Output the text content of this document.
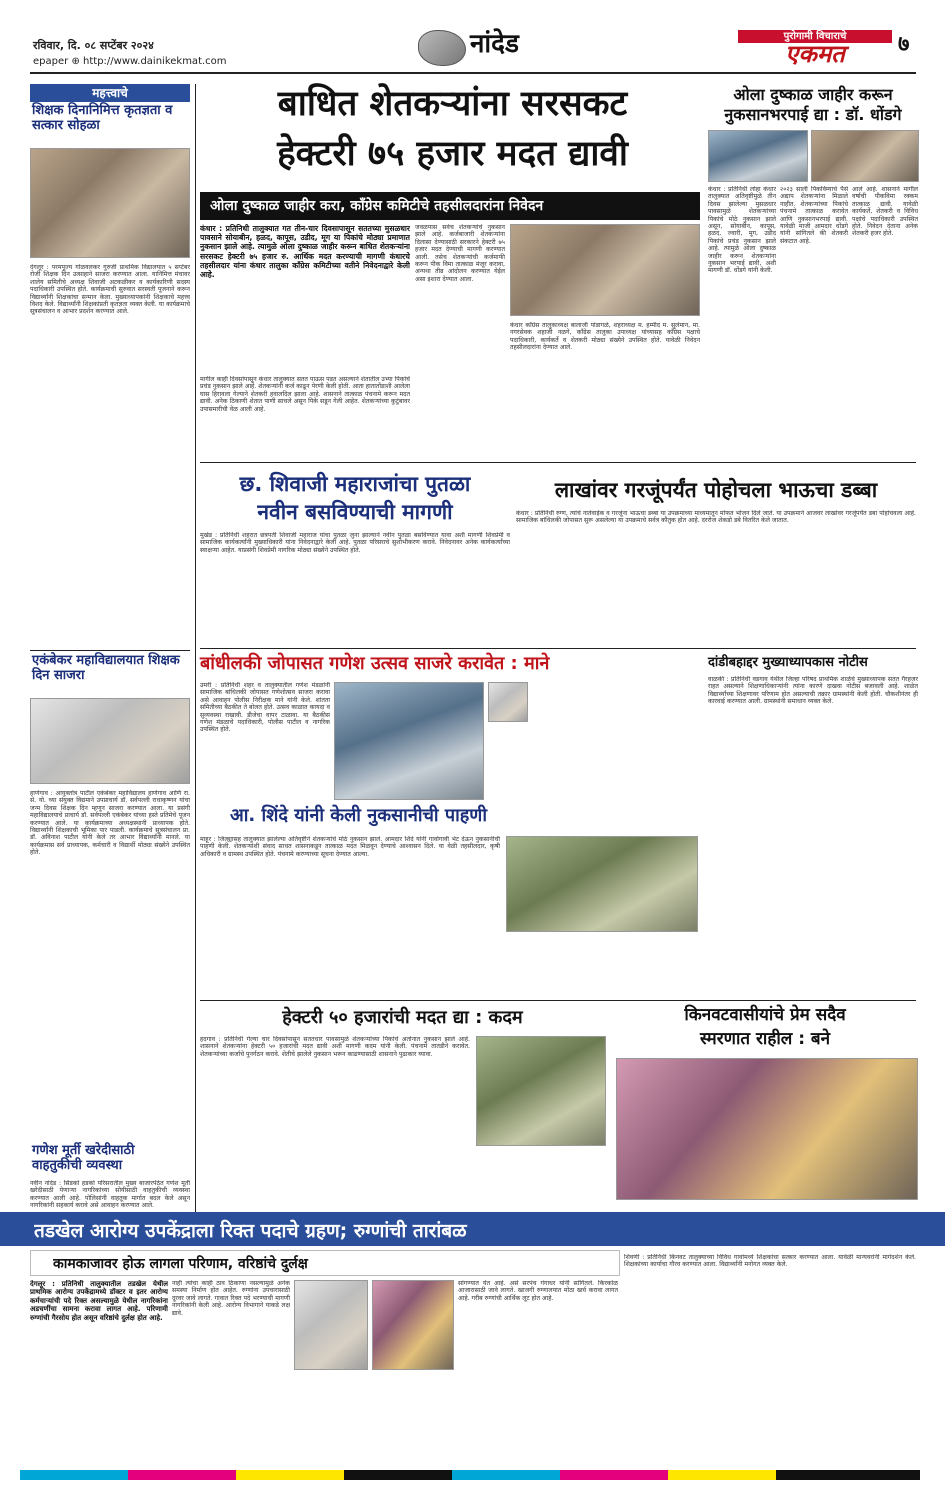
रविवार, दि. ०८ सप्टेंबर २०२४
epaper ⊕ http://www.dainikekmat.com
नांदेड	पुरोगामी विचाराचे
एकमत	७
महत्त्वाचे
शिक्षक दिनानिमित्त कृतज्ञता व सत्कार सोहळा
देगलूर : परमपूज्य गोळवलकर गुरुजी प्राथमिक विद्यालयात ५ सप्टेंबर रोजी शिक्षक दिन उत्साहाने साजरा करण्यात आला. यानिमित्त मंचावर शालेय समितीचे अध्यक्ष शिवाजी अटकळीकर व कार्यकारिणी सदस्य पदाधिकारी उपस्थित होते. कार्यक्रमाची सुरुवात सरस्वती पूजनाने करून विद्यार्थ्यांनी शिक्षकांचा सन्मान केला. मुख्याध्यापकांनी शिक्षकाचे महत्त्व विशद केले. विद्यार्थ्यांनी शिक्षकांप्रती कृतज्ञता व्यक्त केली. या कार्यक्रमाचे सूत्रसंचालन व आभार प्रदर्शन करण्यात आले.
एकंबेकर महाविद्यालयात शिक्षक दिन साजरा
हाणेगाव : आयुक्तोत्र पाटील एकंबेकर महाविद्यालय हाणेगाव आणि रा. से. यो. च्या संयुक्त विद्यमाने उपप्राचार्य डॉ. सर्वपल्ली राधाकृष्णन यांचा जन्म दिवस शिक्षक दिन म्हणून साजरा करण्यात आला. या प्रसंगी महाविद्यालयाचे प्राचार्य डॉ. सर्वपल्ली एकंबेकर यांच्या हस्ते प्रतिमेचे पूजन करण्यात आले. या कार्यक्रमाच्या अध्यक्षस्थानी प्राध्यापक होते. विद्यार्थ्यांनी शिक्षकाची भूमिका पार पाडली. कार्यक्रमाचे सूत्रसंचालन प्रा. डॉ. अविनाश पाटील यांनी केले तर आभार विद्यार्थ्यांनी मानले. या कार्यक्रमास सर्व प्राध्यापक, कर्मचारी व विद्यार्थी मोठ्या संख्येने उपस्थित होते.
गणेश मूर्ती खरेदीसाठी वाहतुकीची व्यवस्था
नवीन नांदेड : सिडको हडको परिसरातील मुख्य बाजारपेठेत गणेश मूर्ती खरेदीसाठी येणाऱ्या नागरिकांच्या सोयीसाठी वाहतुकीची व्यवस्था करण्यात आली आहे. पोलिसांनी वाहतूक मार्गात बदल केले असून नागरिकांनी सहकार्य करावे असे आवाहन करण्यात आले.
बाधित शेतकऱ्यांना सरसकट
हेक्टरी ७५ हजार मदत द्यावी
ओला दुष्काळ जाहीर करा, काँग्रेस कमिटीचे तहसीलदारांना निवेदन
कंधार : प्रतिनिधी तालुक्यात गत तीन-चार दिवसापासून सततच्या मुसळधार पावसाने सोयाबीन, हळद, कापूस, उडीद, मूग या पिकांचे मोठ्या प्रमाणात नुकसान झाले आहे. त्यामुळे ओला दुष्काळ जाहीर करून बाधित शेतकऱ्यांना सरसकट हेक्टरी ७५ हजार रु. आर्थिक मदत करण्याची मागणी कंधारचे तहसीलदार यांना कंधार तालुका काँग्रेस कमिटीच्या वतीने निवेदनाद्वारे केली आहे.
मागील काही दिवसांपासून कंधार तालुक्यात सतत पाऊस पडत असल्याने शेतातील उभ्या पिकांचे प्रचंड नुकसान झाले आहे. शेतकऱ्यांनी कर्ज काढून पेरणी केली होती. आता हातातोंडाशी आलेला घास हिरावला गेल्याने शेतकरी हवालदिल झाला आहे. शासनाने तात्काळ पंचनामे करून मदत द्यावी. अनेक ठिकाणी शेतात पाणी साचले असून पिके सडून गेली आहेत. शेतकऱ्यांच्या कुटुंबावर उपासमारीची वेळ आली आहे.
जवळपास सर्वच शेतकऱ्यांचे नुकसान झाले आहे. कर्जबाजारी शेतकऱ्यांना दिलासा देण्यासाठी सरकारने हेक्टरी ७५ हजार मदत देण्याची मागणी करण्यात आली. तसेच शेतकऱ्यांची कर्जमाफी करून पीक विमा तात्काळ मंजूर करावा, अन्यथा तीव्र आंदोलन करण्यात येईल असा इशारा देण्यात आला.
कंधार काँग्रेस तालुकाध्यक्ष बालाजी पांडागळे, शहराध्यक्ष म. हम्मीद म. सुलेमान, मा. नगरसेवक शहाजी नळगे, काँग्रेस तालुका उपाध्यक्ष यांच्यासह काँग्रेस पक्षाचे पदाधिकारी, कार्यकर्ते व शेतकरी मोठ्या संख्येने उपस्थित होते. यावेळी निवेदन तहसीलदारांना देण्यात आले.
ओला दुष्काळ जाहीर करून
नुकसानभरपाई द्या : डॉ. धोंडगे
कंधार : प्रतिनिधी लोहा कंधार तालुक्यात अतिवृष्टीमुळे तीन दिवस झालेल्या मुसळधार पावसामुळे शेतकऱ्यांच्या पिकांचे मोठे नुकसान झाले असून, सोयाबीन, कापूस, हळद, ज्वारी, मूग, उडीद पिकांचे प्रचंड नुकसान झाले आहे. त्यामुळे ओला दुष्काळ जाहीर करून शेतकऱ्यांना नुकसान भरपाई द्यावी, अशी मागणी डॉ. धोंडगे यांनी केली.
२०२३ साली पिकविम्याचे पैसे अद्याप शेतकऱ्यांना मिळाले नाहीत. शेतकऱ्यांच्या पिकांचे पंचनामे तात्काळ करावेत आणि नुकसानभरपाई द्यावी. यावेळी माजी आमदार धोंडगे यांनी सांगितले की शेतकरी संकटात आहे.
आले आहे. शासनाने मागील वर्षाची पीकविमा रक्कम तात्काळ द्यावी. यावेळी कार्यकर्ते, शेतकरी व विविध पक्षांचे पदाधिकारी उपस्थित होते. निवेदन देताना अनेक शेतकरी हजर होते.
छ. शिवाजी महाराजांचा पुतळा
नवीन बसविण्याची मागणी
मुखेड : प्रतिनिधी शहरात छत्रपती शिवाजी महाराज यांचा पुतळा जुना झाल्याने नवीन पुतळा बसविण्यात यावा अशी मागणी शिवप्रेमी व सामाजिक कार्यकर्त्यांनी मुख्याधिकारी यांना निवेदनाद्वारे केली आहे. पुतळा परिसराचे सुशोभीकरण करावे. निवेदनावर अनेक कार्यकर्त्यांच्या स्वाक्षऱ्या आहेत. याप्रसंगी शिवप्रेमी नागरिक मोठ्या संख्येने उपस्थित होते.
लाखांवर गरजूंपर्यंत पोहोचला भाऊचा डब्बा
कंधार : प्रतिनिधी रुग्ण, त्यांचे नातेवाईक व गरजूंना भाऊचा डब्बा या उपक्रमाच्या माध्यमातून मोफत भोजन दिले जाते. या उपक्रमाने आजवर लाखांवर गरजूंपर्यंत डबा पोहोचवला आहे. सामाजिक बांधिलकी जोपासत सुरू असलेल्या या उपक्रमाचे सर्वत्र कौतुक होत आहे. दररोज शेकडो डबे वितरित केले जातात.
बांधीलकी जोपासत गणेश उत्सव साजरे करावेत : माने
उमरी : प्रतिनिधी शहर व तालुक्यातील गणेश मंडळांनी सामाजिक बांधिलकी जोपासत गणेशोत्सव साजरा करावा असे आवाहन पोलीस निरीक्षक माने यांनी केले. शांतता समितीच्या बैठकीत ते बोलत होते. उत्सव काळात कायदा व सुव्यवस्था राखावी. डीजेचा वापर टाळावा. या बैठकीस गणेश मंडळाचे पदाधिकारी, पोलीस पाटील व नागरिक उपस्थित होते.
दांडीबहाद्दर मुख्याध्यापकास नोटीस
वाळकी : प्रतिनिधी वडगाव येथील जिल्हा परिषद प्राथमिक शाळेचे मुख्याध्यापक सतत गैरहजर राहत असल्याने शिक्षणाधिकाऱ्यांनी त्यांना कारणे दाखवा नोटीस बजावली आहे. शाळेत विद्यार्थ्यांच्या शिक्षणावर परिणाम होत असल्याची तक्रार ग्रामस्थांनी केली होती. चौकशीनंतर ही कारवाई करण्यात आली. ग्रामस्थांनी समाधान व्यक्त केले.
आ. शिंदे यांनी केली नुकसानीची पाहणी
माहूर : जिल्ह्यासह तालुक्यात झालेल्या अतिवृष्टीने शेतकऱ्यांचे मोठे नुकसान झाले. आमदार शिंदे यांनी गावोगावी भेट देऊन नुकसानीची पाहणी केली. शेतकऱ्यांशी संवाद साधत शासनाकडून तात्काळ मदत मिळवून देण्याचे आश्वासन दिले. या वेळी तहसीलदार, कृषी अधिकारी व ग्रामस्थ उपस्थित होते. पंचनामे करण्याच्या सूचना देण्यात आल्या.
हेक्टरी ५० हजारांची मदत द्या : कदम
हदगाव : प्रतिनिधी गेल्या चार दिवसांपासून सततधार पावसामुळे शेतकऱ्यांच्या पिकांचे अतोनात नुकसान झाले आहे. शासनाने शेतकऱ्यांना हेक्टरी ५० हजारांची मदत द्यावी अशी मागणी कदम यांनी केली. पंचनामे तातडीने करावेत. शेतकऱ्यांच्या कर्जाचे पुनर्गठन करावे. शेतीचे झालेले नुकसान भरून काढण्यासाठी शासनाने पुढाकार घ्यावा.
किनवटवासीयांचे प्रेम सदैव
स्मरणात राहील : बने
तडखेल आरोग्य उपकेंद्राला रिक्त पदाचे ग्रहण; रुग्णांची तारांबळ
कामकाजावर होऊ लागला परिणाम, वरिष्ठांचे दुर्लक्ष
देगलूर : प्रतिनिधी तालुक्यातील तडखेल येथील प्राथमिक आरोग्य उपकेंद्रामध्ये डॉक्टर व इतर आरोग्य कर्मचाऱ्यांची पदे रिक्त असल्यामुळे येथील नागरिकांना अडचणींचा सामना करावा लागत आहे. परिणामी रुग्णांची गैरसोय होत असून वरिष्ठांचे दुर्लक्ष होत आहे.
नाही त्यांचा काही ठाव ठिकाणा नसल्यामुळे अनेक समस्या निर्माण होत आहेत. रुग्णांना उपचारासाठी दूरवर जावे लागते. गावात रिक्त पदे भरण्याची मागणी नागरिकांनी केली आहे. आरोग्य विभागाने याकडे लक्ष द्यावे.
सांगण्यात येत आहे. असे सरपंच गंगाधर यांनी सांगितले. किरकोळ आजारासाठी जावे लागते. खाजगी रुग्णालयात मोठा खर्च करावा लागत आहे. गरीब रुग्णांची आर्थिक लूट होत आहे.
शिवणी : प्रतिनिधी किनवट तालुक्याच्या विविध गावांमध्ये शिक्षकांचा सत्कार करण्यात आला. यावेळी मान्यवरांनी मार्गदर्शन केले. शिक्षकांच्या कार्याचा गौरव करण्यात आला. विद्यार्थ्यांनी मनोगत व्यक्त केले.
